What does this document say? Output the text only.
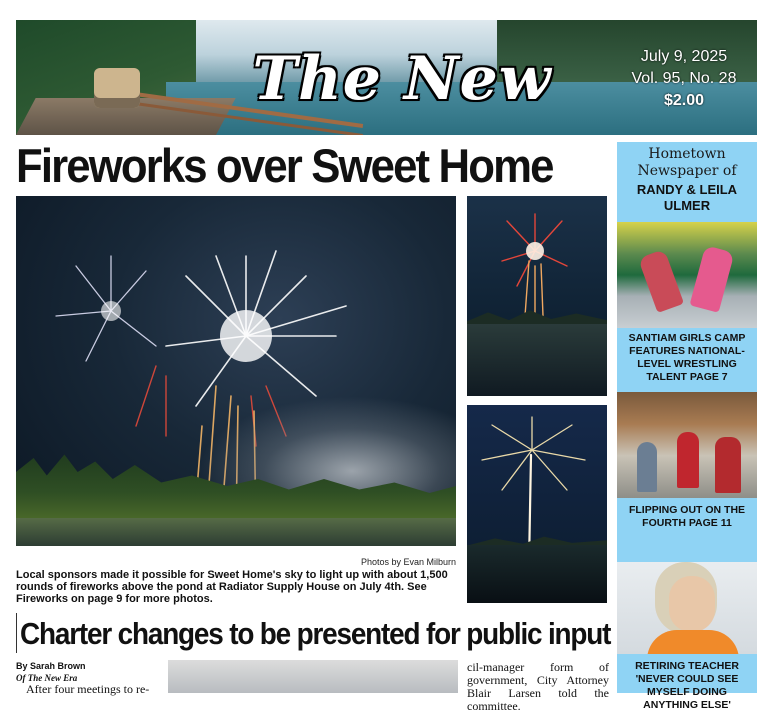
The New	July 9, 2025
Vol. 95, No. 28
$2.00
Fireworks over Sweet Home
Photos by Evan Milburn
Local sponsors made it possible for Sweet Home's sky to light up with about 1,500 rounds of fireworks above the pond at Radiator Supply House on July 4th. See Fireworks on page 9 for more photos.
Charter changes to be presented for public input
By Sarah Brown
Of The New Era
After four meetings to re-
cil-manager form of government, City Attorney Blair Larsen told the committee.
Hometown Newspaper of
RANDY & LEILA ULMER
SANTIAM GIRLS CAMP FEATURES NATIONAL-LEVEL WRESTLING TALENT PAGE 7
FLIPPING OUT ON THE FOURTH PAGE 11
RETIRING TEACHER 'NEVER COULD SEE MYSELF DOING ANYTHING ELSE'
